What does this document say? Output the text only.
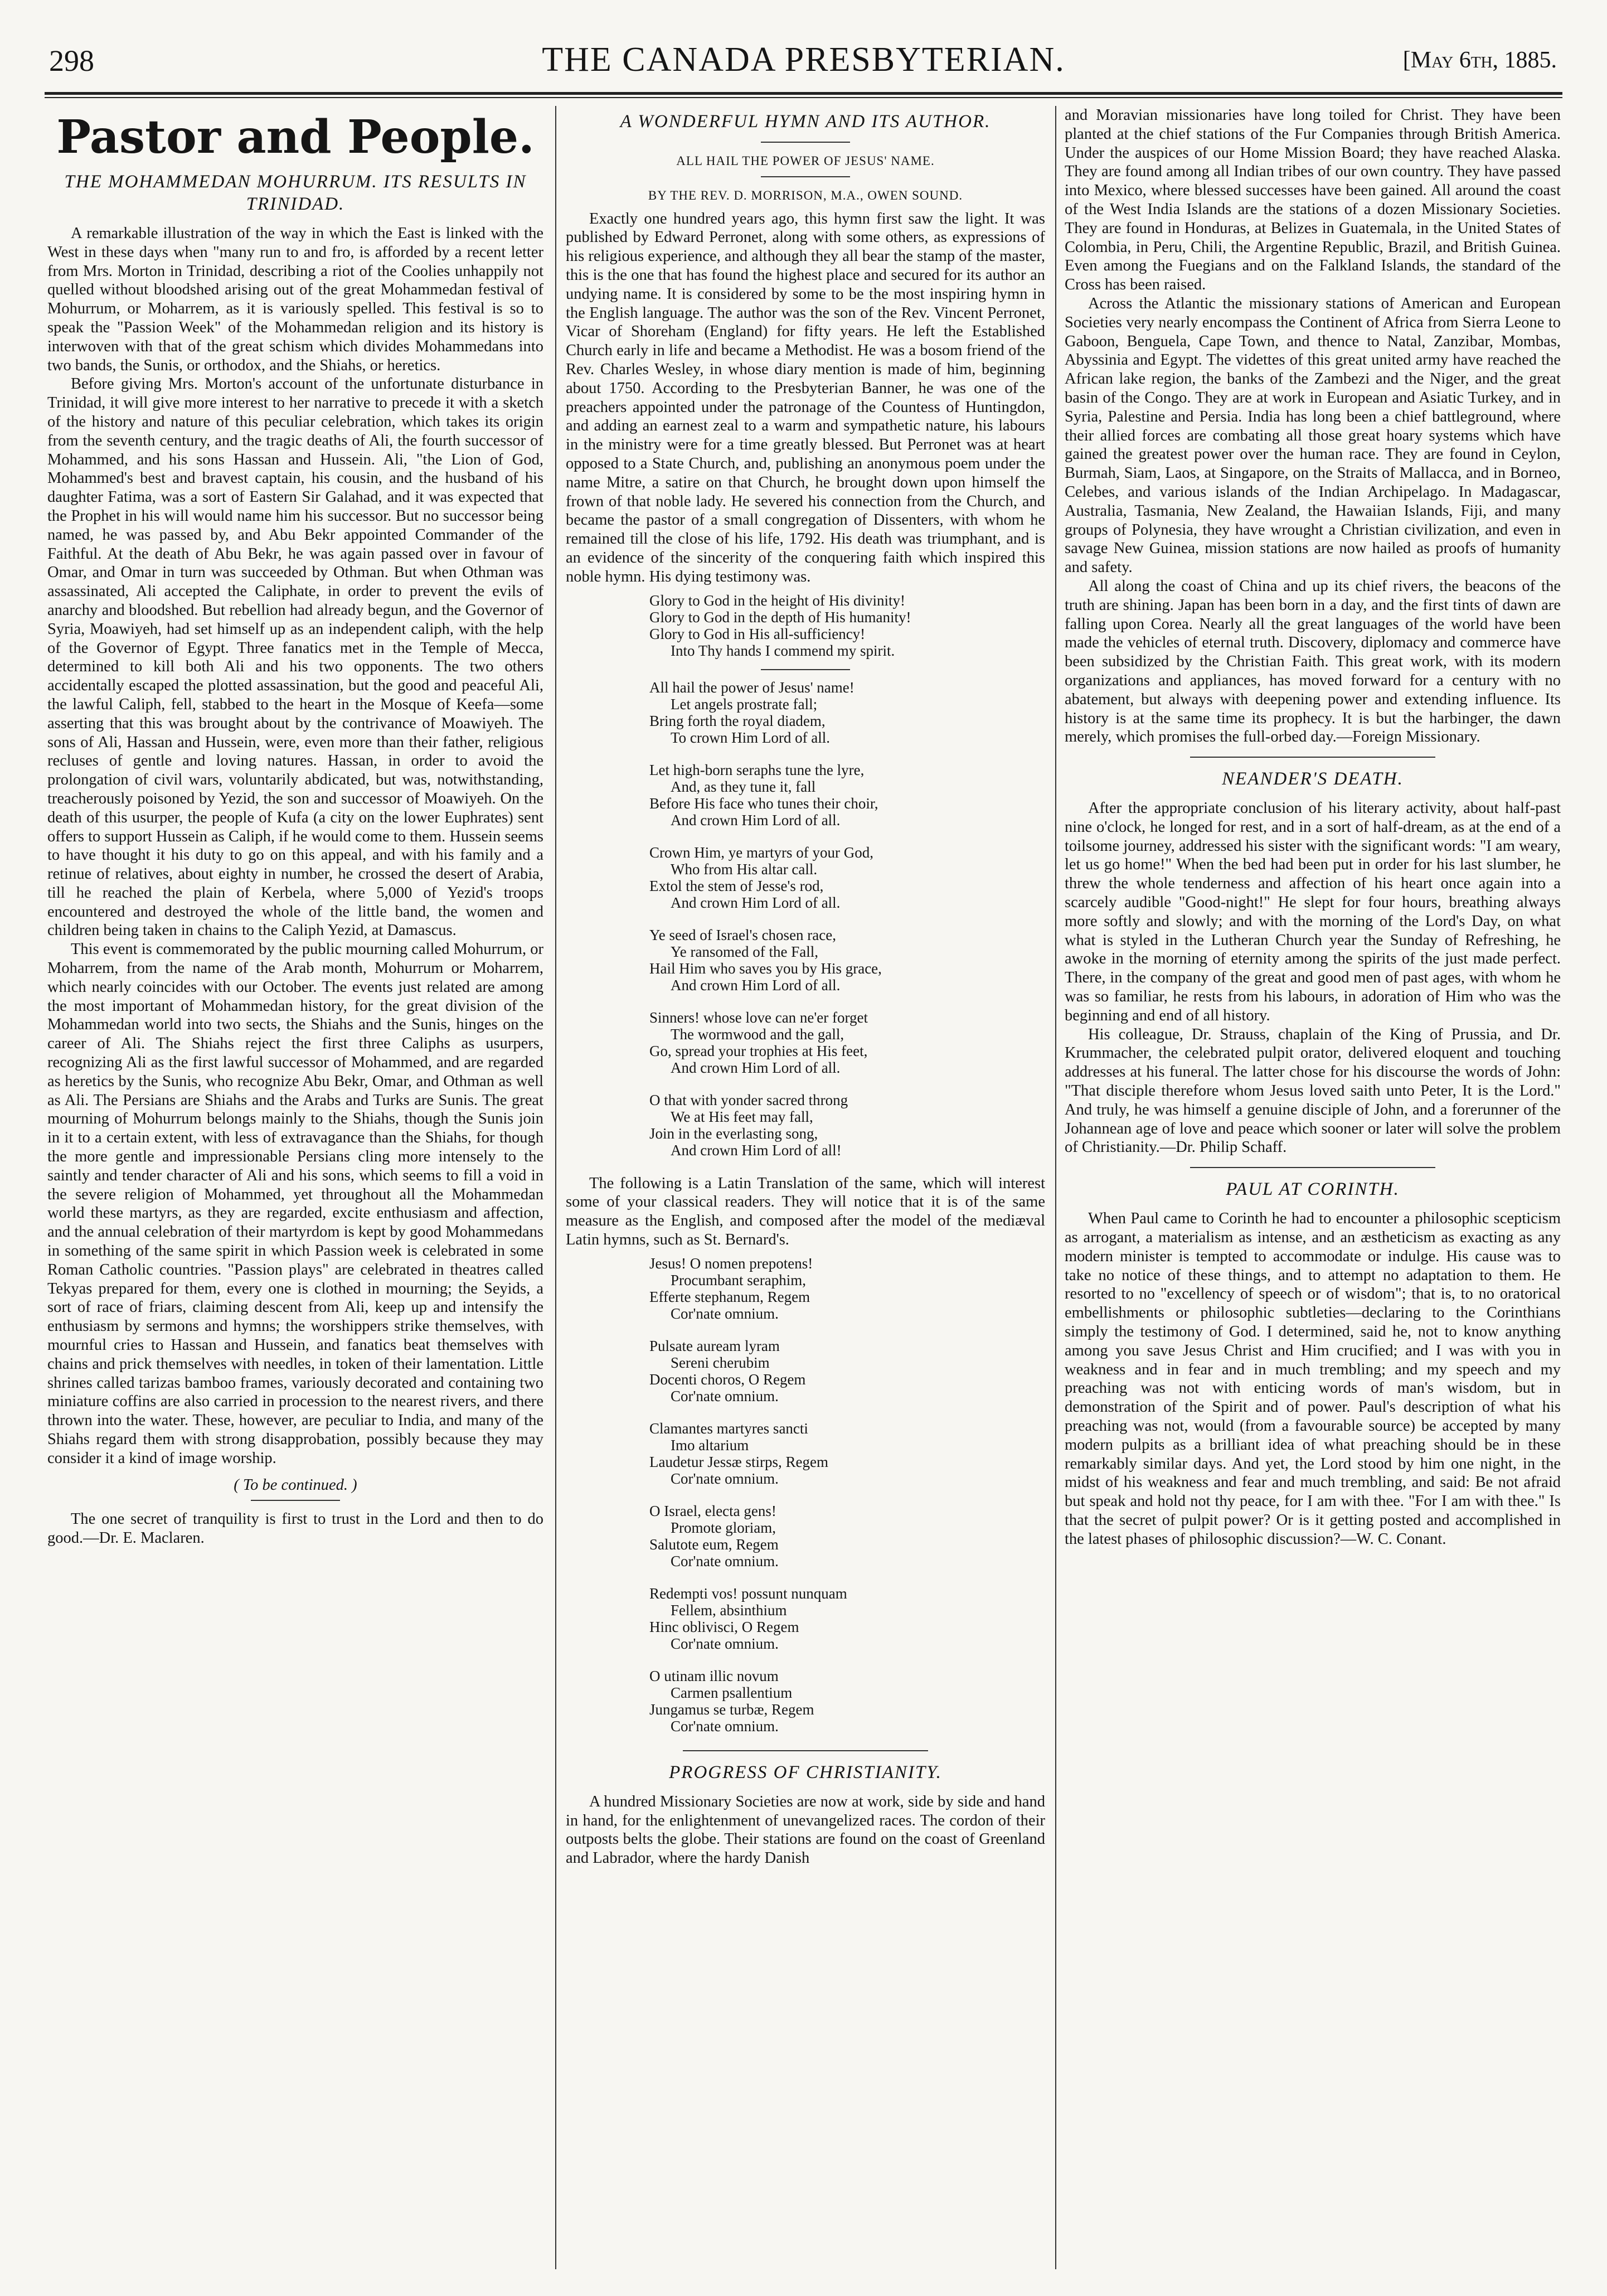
298	THE CANADA PRESBYTERIAN.	[May 6th, 1885.
Pastor and People.
THE MOHAMMEDAN MOHURRUM. ITS RESULTS IN TRINIDAD.

A remarkable illustration of the way in which the East is linked with the West in these days when "many run to and fro, is afforded by a recent letter from Mrs. Morton in Trinidad, describing a riot of the Coolies unhappily not quelled without bloodshed arising out of the great Mohammedan festival of Mohurrum, or Moharrem, as it is variously spelled. This festival is so to speak the "Passion Week" of the Mohammedan religion and its history is interwoven with that of the great schism which divides Mohammedans into two bands, the Sunis, or orthodox, and the Shiahs, or heretics.

Before giving Mrs. Morton's account of the unfortunate disturbance in Trinidad, it will give more interest to her narrative to precede it with a sketch of the history and nature of this peculiar celebration, which takes its origin from the seventh century, and the tragic deaths of Ali, the fourth successor of Mohammed, and his sons Hassan and Hussein. Ali, "the Lion of God, Mohammed's best and bravest captain, his cousin, and the husband of his daughter Fatima, was a sort of Eastern Sir Galahad, and it was expected that the Prophet in his will would name him his successor. But no successor being named, he was passed by, and Abu Bekr appointed Commander of the Faithful. At the death of Abu Bekr, he was again passed over in favour of Omar, and Omar in turn was succeeded by Othman. But when Othman was assassinated, Ali accepted the Caliphate, in order to prevent the evils of anarchy and bloodshed. But rebellion had already begun, and the Governor of Syria, Moawiyeh, had set himself up as an independent caliph, with the help of the Governor of Egypt. Three fanatics met in the Temple of Mecca, determined to kill both Ali and his two opponents. The two others accidentally escaped the plotted assassination, but the good and peaceful Ali, the lawful Caliph, fell, stabbed to the heart in the Mosque of Keefa—some asserting that this was brought about by the contrivance of Moawiyeh. The sons of Ali, Hassan and Hussein, were, even more than their father, religious recluses of gentle and loving natures. Hassan, in order to avoid the prolongation of civil wars, voluntarily abdicated, but was, notwithstanding, treacherously poisoned by Yezid, the son and successor of Moawiyeh. On the death of this usurper, the people of Kufa (a city on the lower Euphrates) sent offers to support Hussein as Caliph, if he would come to them. Hussein seems to have thought it his duty to go on this appeal, and with his family and a retinue of relatives, about eighty in number, he crossed the desert of Arabia, till he reached the plain of Kerbela, where 5,000 of Yezid's troops encountered and destroyed the whole of the little band, the women and children being taken in chains to the Caliph Yezid, at Damascus.

This event is commemorated by the public mourning called Mohurrum, or Moharrem, from the name of the Arab month, Mohurrum or Moharrem, which nearly coincides with our October. The events just related are among the most important of Mohammedan history, for the great division of the Mohammedan world into two sects, the Shiahs and the Sunis, hinges on the career of Ali. The Shiahs reject the first three Caliphs as usurpers, recognizing Ali as the first lawful successor of Mohammed, and are regarded as heretics by the Sunis, who recognize Abu Bekr, Omar, and Othman as well as Ali. The Persians are Shiahs and the Arabs and Turks are Sunis. The great mourning of Mohurrum belongs mainly to the Shiahs, though the Sunis join in it to a certain extent, with less of extravagance than the Shiahs, for though the more gentle and impressionable Persians cling more intensely to the saintly and tender character of Ali and his sons, which seems to fill a void in the severe religion of Mohammed, yet throughout all the Mohammedan world these martyrs, as they are regarded, excite enthusiasm and affection, and the annual celebration of their martyrdom is kept by good Mohammedans in something of the same spirit in which Passion week is celebrated in some Roman Catholic countries. "Passion plays" are celebrated in theatres called Tekyas prepared for them, every one is clothed in mourning; the Seyids, a sort of race of friars, claiming descent from Ali, keep up and intensify the enthusiasm by sermons and hymns; the worshippers strike themselves, with mournful cries to Hassan and Hussein, and fanatics beat themselves with chains and prick themselves with needles, in token of their lamentation. Little shrines called tarizas bamboo frames, variously decorated and containing two miniature coffins are also carried in procession to the nearest rivers, and there thrown into the water. These, however, are peculiar to India, and many of the Shiahs regard them with strong disapprobation, possibly because they may consider it a kind of image worship.

( To be continued. )

The one secret of tranquility is first to trust in the Lord and then to do good.—Dr. E. Maclaren.

A WONDERFUL HYMN AND ITS AUTHOR.
ALL HAIL THE POWER OF JESUS' NAME.
BY THE REV. D. MORRISON, M.A., OWEN SOUND.

Exactly one hundred years ago, this hymn first saw the light. It was published by Edward Perronet, along with some others, as expressions of his religious experience, and although they all bear the stamp of the master, this is the one that has found the highest place and secured for its author an undying name. It is considered by some to be the most inspiring hymn in the English language. The author was the son of the Rev. Vincent Perronet, Vicar of Shoreham (England) for fifty years. He left the Established Church early in life and became a Methodist. He was a bosom friend of the Rev. Charles Wesley, in whose diary mention is made of him, beginning about 1750. According to the Presbyterian Banner, he was one of the preachers appointed under the patronage of the Countess of Huntingdon, and adding an earnest zeal to a warm and sympathetic nature, his labours in the ministry were for a time greatly blessed. But Perronet was at heart opposed to a State Church, and, publishing an anonymous poem under the name Mitre, a satire on that Church, he brought down upon himself the frown of that noble lady. He severed his connection from the Church, and became the pastor of a small congregation of Dissenters, with whom he remained till the close of his life, 1792. His death was triumphant, and is an evidence of the sincerity of the conquering faith which inspired this noble hymn. His dying testimony was.

Glory to God in the height of His divinity!
Glory to God in the depth of His humanity!
Glory to God in His all-sufficiency!
Into Thy hands I commend my spirit.
All hail the power of Jesus' name!
Let angels prostrate fall;
Bring forth the royal diadem,
To crown Him Lord of all.
Let high-born seraphs tune the lyre,
And, as they tune it, fall
Before His face who tunes their choir,
And crown Him Lord of all.
Crown Him, ye martyrs of your God,
Who from His altar call.
Extol the stem of Jesse's rod,
And crown Him Lord of all.
Ye seed of Israel's chosen race,
Ye ransomed of the Fall,
Hail Him who saves you by His grace,
And crown Him Lord of all.
Sinners! whose love can ne'er forget
The wormwood and the gall,
Go, spread your trophies at His feet,
And crown Him Lord of all.
O that with yonder sacred throng
We at His feet may fall,
Join in the everlasting song,
And crown Him Lord of all!

The following is a Latin Translation of the same, which will interest some of your classical readers. They will notice that it is of the same measure as the English, and composed after the model of the mediæval Latin hymns, such as St. Bernard's.

Jesus! O nomen prepotens!
Procumbant seraphim,
Efferte stephanum, Regem
Cor'nate omnium.
Pulsate auream lyram
Sereni cherubim
Docenti choros, O Regem
Cor'nate omnium.
Clamantes martyres sancti
Imo altarium
Laudetur Jessæ stirps, Regem
Cor'nate omnium.
O Israel, electa gens!
Promote gloriam,
Salutote eum, Regem
Cor'nate omnium.
Redempti vos! possunt nunquam
Fellem, absinthium
Hinc oblivisci, O Regem
Cor'nate omnium.
O utinam illic novum
Carmen psallentium
Jungamus se turbæ, Regem
Cor'nate omnium.
PROGRESS OF CHRISTIANITY.

A hundred Missionary Societies are now at work, side by side and hand in hand, for the enlightenment of unevangelized races. The cordon of their outposts belts the globe. Their stations are found on the coast of Greenland and Labrador, where the hardy Danish

and Moravian missionaries have long toiled for Christ. They have been planted at the chief stations of the Fur Companies through British America. Under the auspices of our Home Mission Board; they have reached Alaska. They are found among all Indian tribes of our own country. They have passed into Mexico, where blessed successes have been gained. All around the coast of the West India Islands are the stations of a dozen Missionary Societies. They are found in Honduras, at Belizes in Guatemala, in the United States of Colombia, in Peru, Chili, the Argentine Republic, Brazil, and British Guinea. Even among the Fuegians and on the Falkland Islands, the standard of the Cross has been raised.

Across the Atlantic the missionary stations of American and European Societies very nearly encompass the Continent of Africa from Sierra Leone to Gaboon, Benguela, Cape Town, and thence to Natal, Zanzibar, Mombas, Abyssinia and Egypt. The videttes of this great united army have reached the African lake region, the banks of the Zambezi and the Niger, and the great basin of the Congo. They are at work in European and Asiatic Turkey, and in Syria, Palestine and Persia. India has long been a chief battleground, where their allied forces are combating all those great hoary systems which have gained the greatest power over the human race. They are found in Ceylon, Burmah, Siam, Laos, at Singapore, on the Straits of Mallacca, and in Borneo, Celebes, and various islands of the Indian Archipelago. In Madagascar, Australia, Tasmania, New Zealand, the Hawaiian Islands, Fiji, and many groups of Polynesia, they have wrought a Christian civilization, and even in savage New Guinea, mission stations are now hailed as proofs of humanity and safety.

All along the coast of China and up its chief rivers, the beacons of the truth are shining. Japan has been born in a day, and the first tints of dawn are falling upon Corea. Nearly all the great languages of the world have been made the vehicles of eternal truth. Discovery, diplomacy and commerce have been subsidized by the Christian Faith. This great work, with its modern organizations and appliances, has moved forward for a century with no abatement, but always with deepening power and extending influence. Its history is at the same time its prophecy. It is but the harbinger, the dawn merely, which promises the full-orbed day.—Foreign Missionary.

NEANDER'S DEATH.

After the appropriate conclusion of his literary activity, about half-past nine o'clock, he longed for rest, and in a sort of half-dream, as at the end of a toilsome journey, addressed his sister with the significant words: "I am weary, let us go home!" When the bed had been put in order for his last slumber, he threw the whole tenderness and affection of his heart once again into a scarcely audible "Good-night!" He slept for four hours, breathing always more softly and slowly; and with the morning of the Lord's Day, on what what is styled in the Lutheran Church year the Sunday of Refreshing, he awoke in the morning of eternity among the spirits of the just made perfect. There, in the company of the great and good men of past ages, with whom he was so familiar, he rests from his labours, in adoration of Him who was the beginning and end of all history.

His colleague, Dr. Strauss, chaplain of the King of Prussia, and Dr. Krummacher, the celebrated pulpit orator, delivered eloquent and touching addresses at his funeral. The latter chose for his discourse the words of John: "That disciple therefore whom Jesus loved saith unto Peter, It is the Lord." And truly, he was himself a genuine disciple of John, and a forerunner of the Johannean age of love and peace which sooner or later will solve the problem of Christianity.—Dr. Philip Schaff.

PAUL AT CORINTH.

When Paul came to Corinth he had to encounter a philosophic scepticism as arrogant, a materialism as intense, and an æstheticism as exacting as any modern minister is tempted to accommodate or indulge. His cause was to take no notice of these things, and to attempt no adaptation to them. He resorted to no "excellency of speech or of wisdom"; that is, to no oratorical embellishments or philosophic subtleties—declaring to the Corinthians simply the testimony of God. I determined, said he, not to know anything among you save Jesus Christ and Him crucified; and I was with you in weakness and in fear and in much trembling; and my speech and my preaching was not with enticing words of man's wisdom, but in demonstration of the Spirit and of power. Paul's description of what his preaching was not, would (from a favourable source) be accepted by many modern pulpits as a brilliant idea of what preaching should be in these remarkably similar days. And yet, the Lord stood by him one night, in the midst of his weakness and fear and much trembling, and said: Be not afraid but speak and hold not thy peace, for I am with thee. "For I am with thee." Is that the secret of pulpit power? Or is it getting posted and accomplished in the latest phases of philosophic discussion?—W. C. Conant.
